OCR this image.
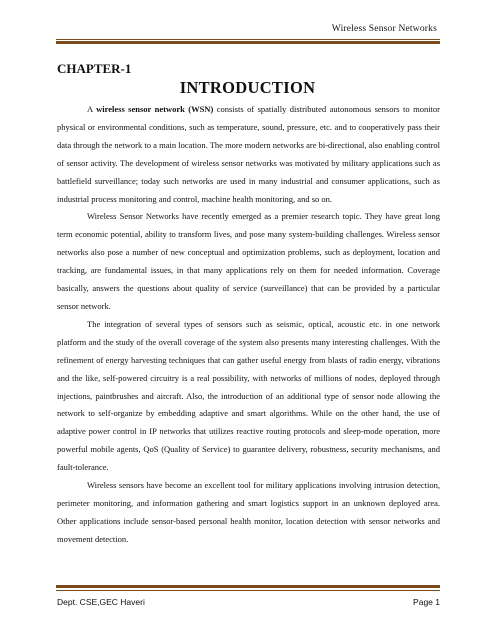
Wireless Sensor Networks
CHAPTER-1
INTRODUCTION

A wireless sensor network (WSN) consists of spatially distributed autonomous sensors to monitor physical or environmental conditions, such as temperature, sound, pressure, etc. and to cooperatively pass their data through the network to a main location. The more modern networks are bi-directional, also enabling control of sensor activity. The development of wireless sensor networks was motivated by military applications such as battlefield surveillance; today such networks are used in many industrial and consumer applications, such as industrial process monitoring and control, machine health monitoring, and so on.

Wireless Sensor Networks have recently emerged as a premier research topic. They have great long term economic potential, ability to transform lives, and pose many system-building challenges. Wireless sensor networks also pose a number of new conceptual and optimization problems, such as deployment, location and tracking, are fundamental issues, in that many applications rely on them for needed information. Coverage basically, answers the questions about quality of service (surveillance) that can be provided by a particular sensor network.

The integration of several types of sensors such as seismic, optical, acoustic etc. in one network platform and the study of the overall coverage of the system also presents many interesting challenges. With the refinement of energy harvesting techniques that can gather useful energy from blasts of radio energy, vibrations and the like, self-powered circuitry is a real possibility, with networks of millions of nodes, deployed through injections, paintbrushes and aircraft. Also, the introduction of an additional type of sensor node allowing the network to self-organize by embedding adaptive and smart algorithms. While on the other hand, the use of adaptive power control in IP networks that utilizes reactive routing protocols and sleep-mode operation, more powerful mobile agents, QoS (Quality of Service) to guarantee delivery, robustness, security mechanisms, and fault-tolerance.

Wireless sensors have become an excellent tool for military applications involving intrusion detection, perimeter monitoring, and information gathering and smart logistics support in an unknown deployed area. Other applications include sensor-based personal health monitor, location detection with sensor networks and movement detection.

Dept. CSE,GEC Haveri	Page 1
